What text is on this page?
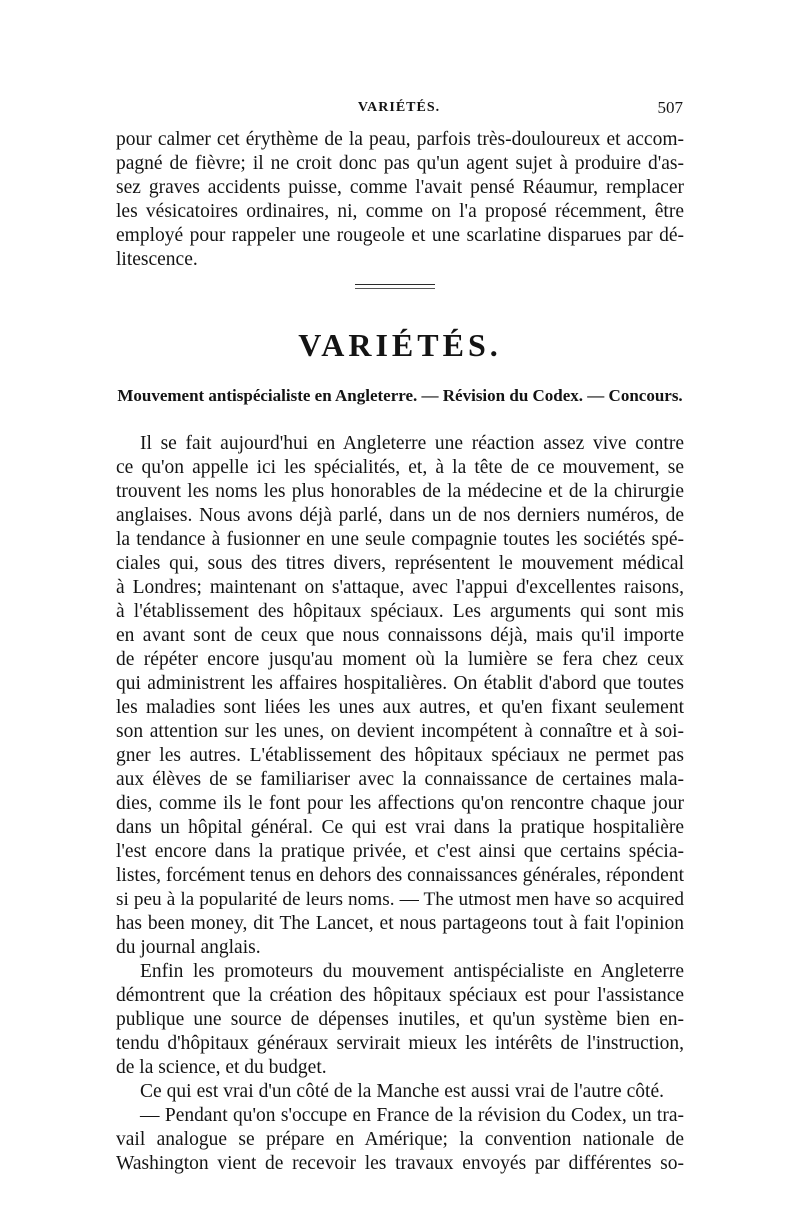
VARIÉTÉS.	507
pour calmer cet érythème de la peau, parfois très-douloureux et accom-
pagné de fièvre; il ne croit donc pas qu'un agent sujet à produire d'as-
sez graves accidents puisse, comme l'avait pensé Réaumur, remplacer
les vésicatoires ordinaires, ni, comme on l'a proposé récemment, être
employé pour rappeler une rougeole et une scarlatine disparues par dé-
litescence.
VARIÉTÉS.
Mouvement antispécialiste en Angleterre. — Révision du Codex. — Concours.
Il se fait aujourd'hui en Angleterre une réaction assez vive contre
ce qu'on appelle ici les spécialités, et, à la tête de ce mouvement, se
trouvent les noms les plus honorables de la médecine et de la chirurgie
anglaises. Nous avons déjà parlé, dans un de nos derniers numéros, de
la tendance à fusionner en une seule compagnie toutes les sociétés spé-
ciales qui, sous des titres divers, représentent le mouvement médical
à Londres; maintenant on s'attaque, avec l'appui d'excellentes raisons,
à l'établissement des hôpitaux spéciaux. Les arguments qui sont mis
en avant sont de ceux que nous connaissons déjà, mais qu'il importe
de répéter encore jusqu'au moment où la lumière se fera chez ceux
qui administrent les affaires hospitalières. On établit d'abord que toutes
les maladies sont liées les unes aux autres, et qu'en fixant seulement
son attention sur les unes, on devient incompétent à connaître et à soi-
gner les autres. L'établissement des hôpitaux spéciaux ne permet pas
aux élèves de se familiariser avec la connaissance de certaines mala-
dies, comme ils le font pour les affections qu'on rencontre chaque jour
dans un hôpital général. Ce qui est vrai dans la pratique hospitalière
l'est encore dans la pratique privée, et c'est ainsi que certains spécia-
listes, forcément tenus en dehors des connaissances générales, répondent
si peu à la popularité de leurs noms. — The utmost men have so acquired
has been money, dit The Lancet, et nous partageons tout à fait l'opinion
du journal anglais.
Enfin les promoteurs du mouvement antispécialiste en Angleterre
démontrent que la création des hôpitaux spéciaux est pour l'assistance
publique une source de dépenses inutiles, et qu'un système bien en-
tendu d'hôpitaux généraux servirait mieux les intérêts de l'instruction,
de la science, et du budget.
Ce qui est vrai d'un côté de la Manche est aussi vrai de l'autre côté.
— Pendant qu'on s'occupe en France de la révision du Codex, un tra-
vail analogue se prépare en Amérique; la convention nationale de
Washington vient de recevoir les travaux envoyés par différentes so-
